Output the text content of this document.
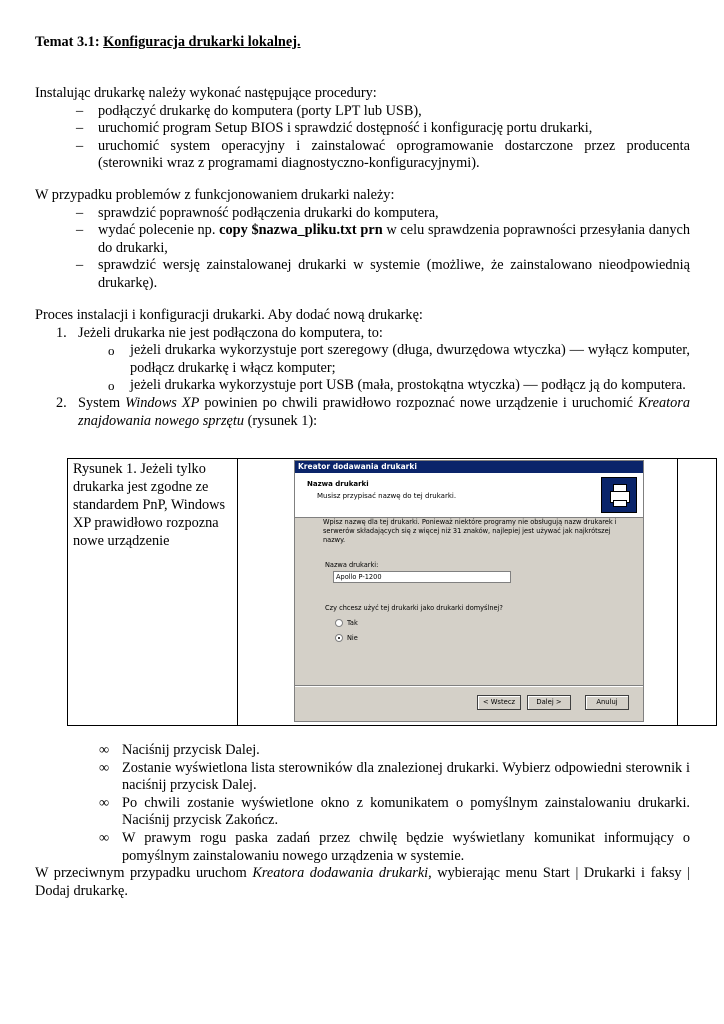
Temat 3.1: Konfiguracja drukarki lokalnej.

Instalując drukarkę należy wykonać następujące procedury:

– podłączyć drukarkę do komputera (porty LPT lub USB),
– uruchomić program Setup BIOS i sprawdzić dostępność i konfigurację portu drukarki,
– uruchomić system operacyjny i zainstalować oprogramowanie dostarczone przez producenta (sterowniki wraz z programami diagnostyczno-konfiguracyjnymi).

W przypadku problemów z funkcjonowaniem drukarki należy:

– sprawdzić poprawność podłączenia drukarki do komputera,
– wydać polecenie np. copy $nazwa_pliku.txt prn w celu sprawdzenia poprawności przesyłania danych do drukarki,
– sprawdzić wersję zainstalowanej drukarki w systemie (możliwe, że zainstalowano nieodpowiednią drukarkę).

Proces instalacji i konfiguracji drukarki. Aby dodać nową drukarkę:

1. Jeżeli drukarka nie jest podłączona do komputera, to:
o jeżeli drukarka wykorzystuje port szeregowy (długa, dwurzędowa wtyczka) — wyłącz komputer, podłącz drukarkę i włącz komputer;
o jeżeli drukarka wykorzystuje port USB (mała, prostokątna wtyczka) — podłącz ją do komputera.
2. System Windows XP powinien po chwili prawidłowo rozpoznać nowe urządzenie i uruchomić Kreatora znajdowania nowego sprzętu (rysunek 1):
Rysunek 1. Jeżeli tylko drukarka jest zgodne ze standardem PnP, Windows XP prawidłowo rozpozna nowe urządzenie	
Kreator dodawania drukarki
Nazwa drukarki
Musisz przypisać nazwę do tej drukarki.
Wpisz nazwę dla tej drukarki. Ponieważ niektóre programy nie obsługują nazw drukarek i serwerów składających się z więcej niż 31 znaków, najlepiej jest używać jak najkrótszej nazwy.
Nazwa drukarki:
Apollo P-1200
Czy chcesz użyć tej drukarki jako drukarki domyślnej?
Tak
Nie
< Wstecz	Dalej >	Anuluj

∞ Naciśnij przycisk Dalej.
∞ Zostanie wyświetlona lista sterowników dla znalezionej drukarki. Wybierz odpowiedni sterownik i naciśnij przycisk Dalej.
∞ Po chwili zostanie wyświetlone okno z komunikatem o pomyślnym zainstalowaniu drukarki. Naciśnij przycisk Zakończ.
∞ W prawym rogu paska zadań przez chwilę będzie wyświetlany komunikat informujący o pomyślnym zainstalowaniu nowego urządzenia w systemie.

W przeciwnym przypadku uruchom Kreatora dodawania drukarki, wybierając menu Start | Drukarki i faksy | Dodaj drukarkę.
